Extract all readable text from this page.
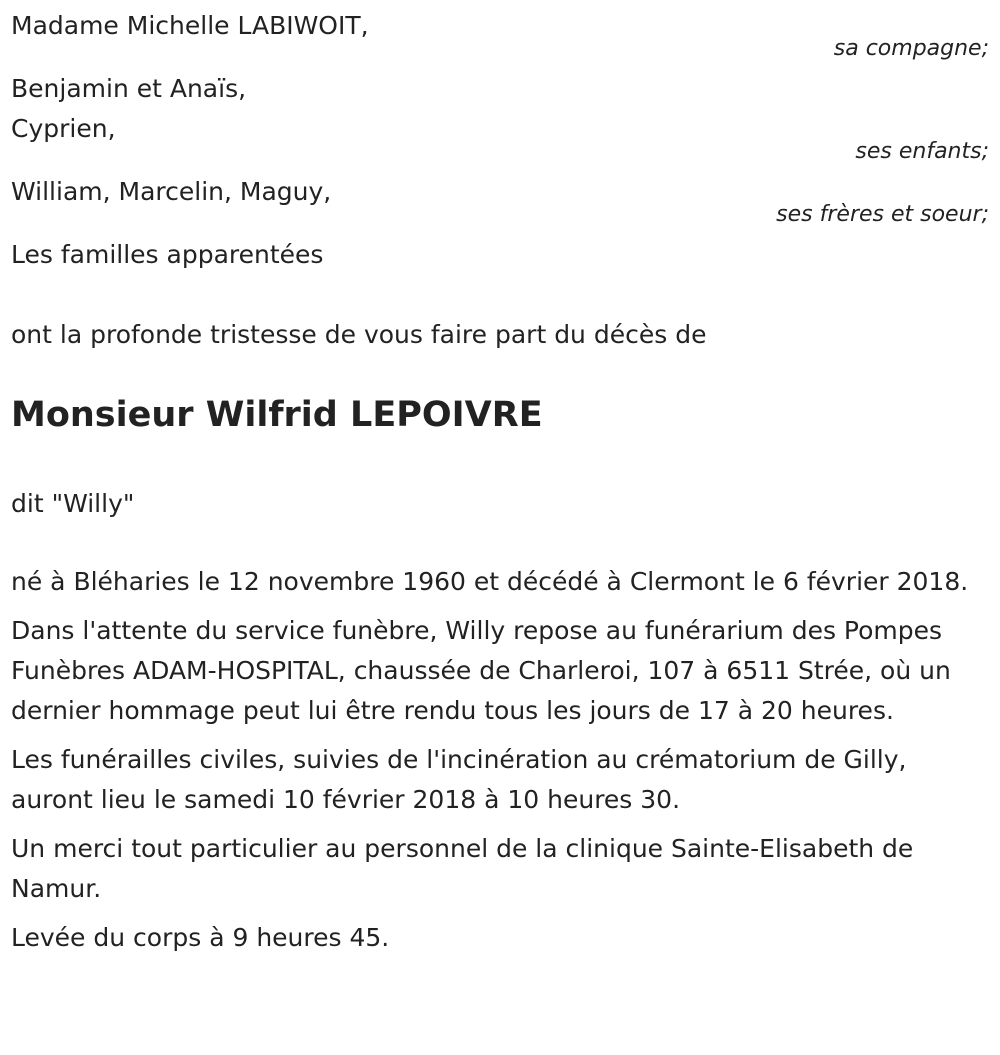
Madame Michelle LABIWOIT,
sa compagne;
Benjamin et Anaïs,
Cyprien,
ses enfants;
William, Marcelin, Maguy,
ses frères et soeur;
Les familles apparentées
ont la profonde tristesse de vous faire part du décès de
Monsieur Wilfrid LEPOIVRE
dit "Willy"

né à Bléharies le 12 novembre 1960 et décédé à Clermont le 6 février 2018.

Dans l'attente du service funèbre, Willy repose au funérarium des Pompes Funèbres ADAM-HOSPITAL, chaussée de Charleroi, 107 à 6511 Strée, où un dernier hommage peut lui être rendu tous les jours de 17 à 20 heures.

Les funérailles civiles, suivies de l'incinération au crématorium de Gilly, auront lieu le samedi 10 février 2018 à 10 heures 30.

Un merci tout particulier au personnel de la clinique Sainte-Elisabeth de Namur.

Levée du corps à 9 heures 45.
